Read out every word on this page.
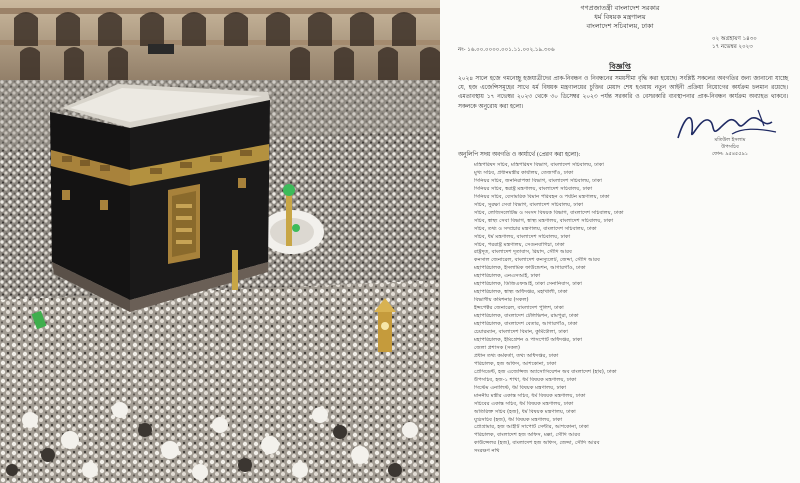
গণপ্রজাতন্ত্রী বাংলাদেশ সরকার
ধর্ম বিষয়ক মন্ত্রণালয়
বাংলাদেশ সচিবালয়, ঢাকা
নং- ১৬.০০.০০০০.০০১.১১.০০২.১৯.৩০৬
০২ অগ্রহায়ণ ১৪৩০
১৭ নভেম্বর ২০২৩
বিজ্ঞপ্তি
২০২৪ সালে হজে গমনেচ্ছু হজযাত্রীদের প্রাক-নিবন্ধন ও নিবন্ধনের সময়সীমা বৃদ্ধি করা হয়েছে। সংশ্লিষ্ট সকলের অবগতির জন্য জানানো যাচ্ছে যে, হজ এজেন্সিসমূহের সাথে ধর্ম বিষয়ক মন্ত্রণালয়ের চুক্তির মেয়াদ শেষ হওয়ায় নতুন আইনী প্রক্রিয়া নিয়োগের কার্যক্রম চলমান রয়েছে। এমতাবস্থায় ১৭ নভেম্বর ২০২৩ থেকে ৩০ ডিসেম্বর ২০২৩ পর্যন্ত সরকারি ও বেসরকারি ব্যবস্থাপনার প্রাক-নিবন্ধন কার্যক্রম অব্যাহত থাকবে। সকলকে অনুরোধ করা হলো।
মতিউল ইসলাম
উপসচিব
ফোন: ৯৫৪৫৫৯১
অনুলিপি সদয় অবগতি ও কার্যার্থে (প্রেরণ করা হলো):
1. মন্ত্রিপরিষদ সচিব, মন্ত্রিপরিষদ বিভাগ, বাংলাদেশ সচিবালয়, ঢাকা
2. মুখ্য সচিব, প্রধানমন্ত্রীর কার্যালয়, তেজগাঁও, ঢাকা
3. সিনিয়র সচিব, জননিরাপত্তা বিভাগ, বাংলাদেশ সচিবালয়, ঢাকা
4. সিনিয়র সচিব, স্বরাষ্ট্র মন্ত্রণালয়, বাংলাদেশ সচিবালয়, ঢাকা
5. সিনিয়র সচিব, বেসামরিক বিমান পরিবহন ও পর্যটন মন্ত্রণালয়, ঢাকা
6. সচিব, সুরক্ষা সেবা বিভাগ, বাংলাদেশ সচিবালয়, ঢাকা
7. সচিব, লেজিসলেটিভ ও সংসদ বিষয়ক বিভাগ, বাংলাদেশ সচিবালয়, ঢাকা
8. সচিব, স্বাস্থ্য সেবা বিভাগ, স্বাস্থ্য মন্ত্রণালয়, বাংলাদেশ সচিবালয়, ঢাকা
9. সচিব, তথ্য ও সম্প্রচার মন্ত্রণালয়, বাংলাদেশ সচিবালয়, ঢাকা
10. সচিব, ধর্ম মন্ত্রণালয়, বাংলাদেশ সচিবালয়, ঢাকা
11. সচিব, পররাষ্ট্র মন্ত্রণালয়, সেগুনবাগিচা, ঢাকা
12. রাষ্ট্রদূত, বাংলাদেশ দূতাবাস, রিয়াদ, সৌদি আরব
13. কনসাল জেনারেল, বাংলাদেশ কনস্যুলেট, জেদ্দা, সৌদি আরব
14. মহাপরিচালক, ইসলামিক ফাউন্ডেশন, আগারগাঁও, ঢাকা
15. মহাপরিচালক, এনএসআই, ঢাকা
16. মহাপরিচালক, ডিজিএফআই, ঢাকা সেনানিবাস, ঢাকা
17. মহাপরিচালক, স্বাস্থ্য অধিদপ্তর, মহাখালী, ঢাকা
18. বিভাগীয় কমিশনার (সকল)
19. ইন্সপেক্টর জেনারেল, বাংলাদেশ পুলিশ, ঢাকা
20. মহাপরিচালক, বাংলাদেশ টেলিভিশন, রামপুরা, ঢাকা
21. মহাপরিচালক, বাংলাদেশ বেতার, আগারগাঁও, ঢাকা
22. চেয়ারম্যান, বাংলাদেশ বিমান, কুর্মিটোলা, ঢাকা
23. মহাপরিচালক, ইমিগ্রেশন ও পাসপোর্ট অধিদপ্তর, ঢাকা
24. জেলা প্রশাসক (সকল)
25. প্রধান তথ্য কর্মকর্তা, তথ্য অধিদপ্তর, ঢাকা
26. পরিচালক, হজ অফিস, আশকোনা, ঢাকা
27. প্রেসিডেন্ট, হজ এজেন্সিজ অ্যাসোসিয়েশন অব বাংলাদেশ (হাব), ঢাকা
28. উপসচিব, হজ-১ শাখা, ধর্ম বিষয়ক মন্ত্রণালয়, ঢাকা
29. সিস্টেম এনালিস্ট, ধর্ম বিষয়ক মন্ত্রণালয়, ঢাকা
30. মাননীয় মন্ত্রীর একান্ত সচিব, ধর্ম বিষয়ক মন্ত্রণালয়, ঢাকা
31. সচিবের একান্ত সচিব, ধর্ম বিষয়ক মন্ত্রণালয়, ঢাকা
32. অতিরিক্ত সচিব (হজ), ধর্ম বিষয়ক মন্ত্রণালয়, ঢাকা
33. যুগ্মসচিব (হজ), ধর্ম বিষয়ক মন্ত্রণালয়, ঢাকা
34. প্রোগ্রামার, হজ আইটি সাপোর্ট সেন্টার, আশকোনা, ঢাকা
35. পরিচালক, বাংলাদেশ হজ অফিস, মক্কা, সৌদি আরব
36. কাউন্সেলর (হজ), বাংলাদেশ হজ অফিস, জেদ্দা, সৌদি আরব
37. সংরক্ষণ নথি
